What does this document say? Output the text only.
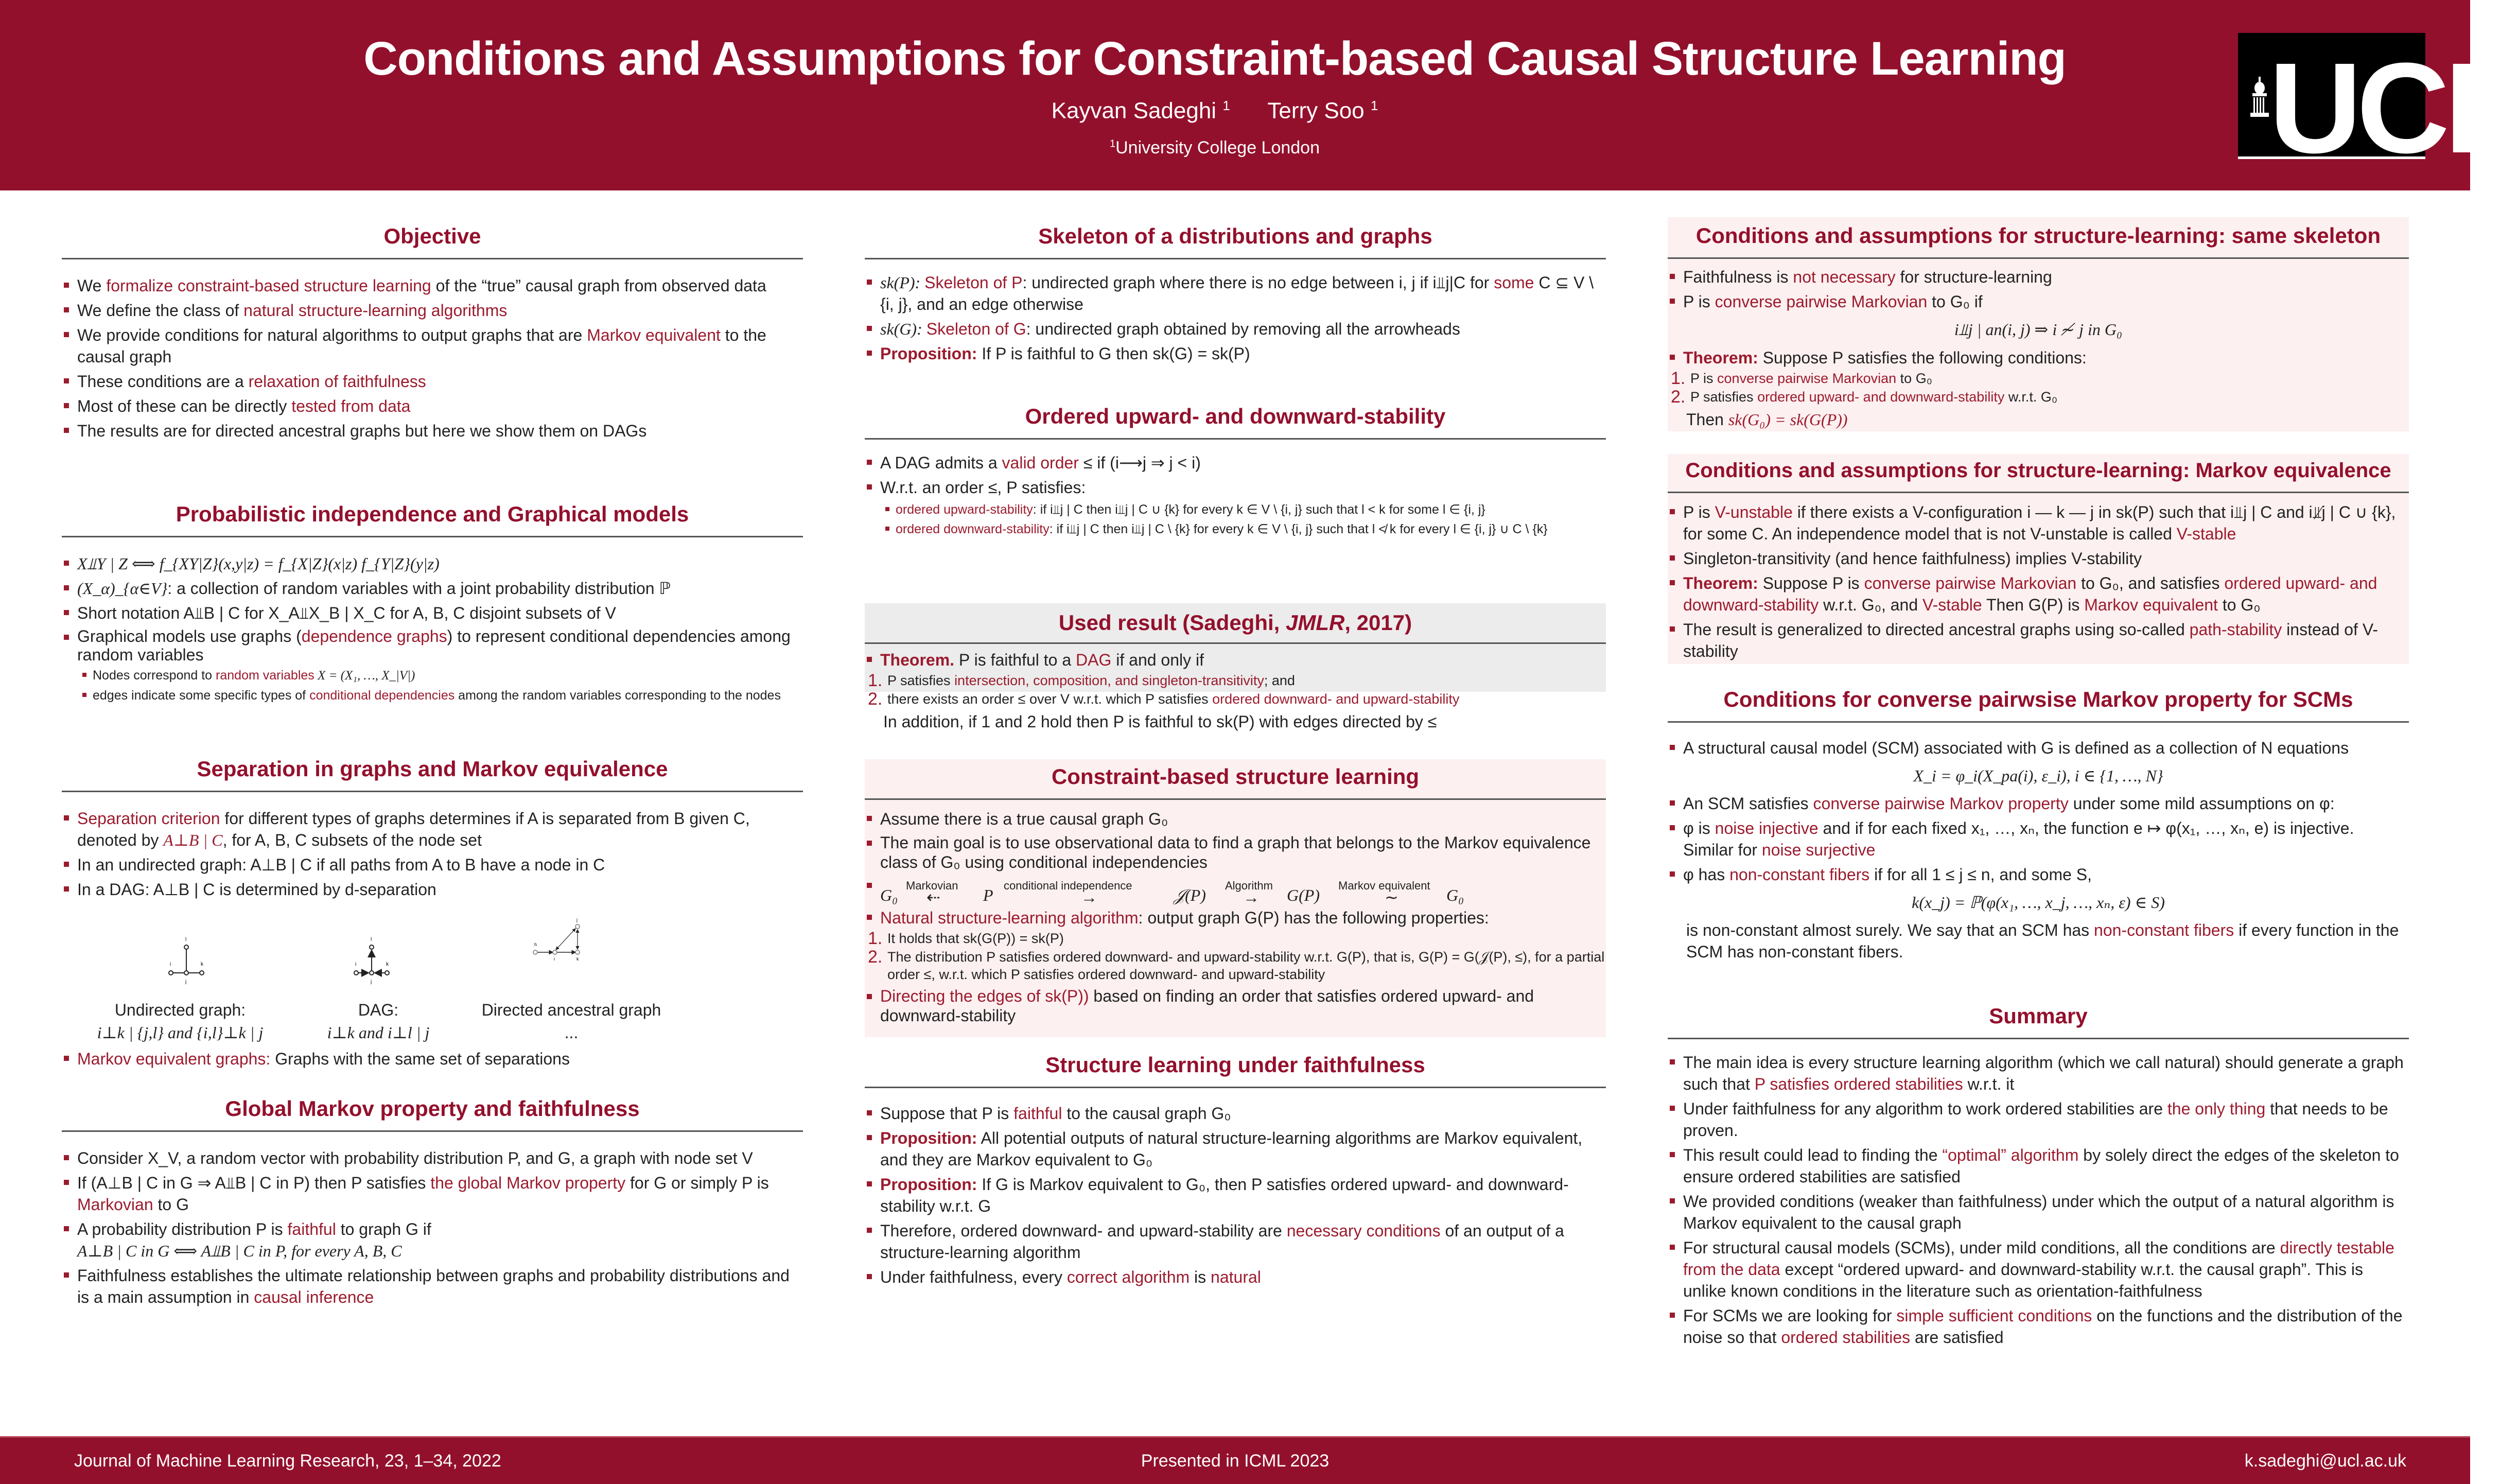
Conditions and Assumptions for Constraint-based Causal Structure Learning
Kayvan Sadeghi $^1$ Terry Soo $^1$
$^1$University College London	UCL
Objective
We formalize constraint-based structure learning of the “true” causal graph from observed data
We define the class of natural structure-learning algorithms
We provide conditions for natural algorithms to output graphs that are Markov equivalent to the causal graph
These conditions are a relaxation of faithfulness
Most of these can be directly tested from data
The results are for directed ancestral graphs but here we show them on DAGs
Probabilistic independence and Graphical models
X⫫Y | Z ⟺ f_{XY|Z}(x,y|z) = f_{X|Z}(x|z) f_{Y|Z}(y|z)
(X_α)_{α∈V}: a collection of random variables with a joint probability distribution ℙ
Short notation A⫫B | C for X_A⫫X_B | X_C for A, B, C disjoint subsets of V
Graphical models use graphs (dependence graphs) to represent conditional dependencies among random variables
Nodes correspond to random variables X = (X₁, …, X_|V|)
edges indicate some specific types of conditional dependencies among the random variables corresponding to the nodes
Separation in graphs and Markov equivalence
Separation criterion for different types of graphs determines if A is separated from B given C, denoted by A⊥B | C, for A, B, C subsets of the node set
In an undirected graph: A⊥B | C if all paths from A to B have a node in C
In a DAG: A⊥B | C is determined by d-separation
i
j
k
l
Undirected graph:
i⊥k | {j,l} and {i,l}⊥k | j
i
j
k
l
DAG:
i⊥k and i⊥l | j
h
i	k
j
Directed ancestral graph
...
Markov equivalent graphs: Graphs with the same set of separations
Global Markov property and faithfulness
Consider X_V, a random vector with probability distribution P, and G, a graph with node set V
If (A⊥B | C in G ⇒ A⫫B | C in P) then P satisfies the global Markov property for G or simply P is Markovian to G
A probability distribution P is faithful to graph G if
A⊥B | C in G ⟺ A⫫B | C in P, for every A, B, C
Faithfulness establishes the ultimate relationship between graphs and probability distributions and is a main assumption in causal inference
Skeleton of a distributions and graphs
sk(P): Skeleton of P: undirected graph where there is no edge between i, j if i⫫j|C for some C ⊆ V \ {i, j}, and an edge otherwise
sk(G): Skeleton of G: undirected graph obtained by removing all the arrowheads
Proposition: If P is faithful to G then sk(G) = sk(P)
Ordered upward- and downward-stability
A DAG admits a valid order ≤ if (i⟶j ⇒ j < i)
W.r.t. an order ≤, P satisfies:
ordered upward-stability: if i⫫j | C then i⫫j | C ∪ {k} for every k ∈ V \ {i, j} such that l < k for some l ∈ {i, j}
ordered downward-stability: if i⫫j | C then i⫫j | C \ {k} for every k ∈ V \ {i, j} such that l ≮ k for every l ∈ {i, j} ∪ C \ {k}
Used result (Sadeghi, JMLR, 2017)
Theorem. P is faithful to a DAG if and only if
1. P satisfies intersection, composition, and singleton-transitivity; and
2. there exists an order ≤ over V w.r.t. which P satisfies ordered downward- and upward-stability
In addition, if 1 and 2 hold then P is faithful to sk(P) with edges directed by ≤
Constraint-based structure learning
Assume there is a true causal graph G₀
The main goal is to use observational data to find a graph that belongs to the Markov equivalence class of G₀ using conditional independencies
G₀
Markovian
⇠	P
conditional independence
→	𝒥(P)
Algorithm
→ G(P)
Markov equivalent
∼	G₀
Natural structure-learning algorithm: output graph G(P) has the following properties:
1. It holds that sk(G(P)) = sk(P)
2. The distribution P satisfies ordered downward- and upward-stability w.r.t. G(P), that is, G(P) = G(𝒥(P), ≤), for a partial order ≤, w.r.t. which P satisfies ordered downward- and upward-stability
Directing the edges of sk(P)) based on finding an order that satisfies ordered upward- and downward-stability
Structure learning under faithfulness
Suppose that P is faithful to the causal graph G₀
Proposition: All potential outputs of natural structure-learning algorithms are Markov equivalent, and they are Markov equivalent to G₀
Proposition: If G is Markov equivalent to G₀, then P satisfies ordered upward- and downward-stability w.r.t. G
Therefore, ordered downward- and upward-stability are necessary conditions of an output of a structure-learning algorithm
Under faithfulness, every correct algorithm is natural
Conditions and assumptions for structure-learning: same skeleton
Faithfulness is not necessary for structure-learning
P is converse pairwise Markovian to G₀ if
i⫫j | an(i, j) ⇒ i ≁ j in G₀
Theorem: Suppose P satisfies the following conditions:
1. P is converse pairwise Markovian to G₀
2. P satisfies ordered upward- and downward-stability w.r.t. G₀
Then sk(G₀) = sk(G(P))
Conditions and assumptions for structure-learning: Markov equivalence
P is V-unstable if there exists a V-configuration i — k — j in sk(P) such that i⫫j | C and i⫫̸j | C ∪ {k}, for some C. An independence model that is not V-unstable is called V-stable
Singleton-transitivity (and hence faithfulness) implies V-stability
Theorem: Suppose P is converse pairwise Markovian to G₀, and satisfies ordered upward- and downward-stability w.r.t. G₀, and V-stable Then G(P) is Markov equivalent to G₀
The result is generalized to directed ancestral graphs using so-called path-stability instead of V-stability
Conditions for converse pairwsise Markov property for SCMs
A structural causal model (SCM) associated with G is defined as a collection of N equations
X_i = φ_i(X_pa(i), ε_i), i ∈ {1, …, N}
An SCM satisfies converse pairwise Markov property under some mild assumptions on φ:
φ is noise injective and if for each fixed x₁, …, xₙ, the function e ↦ φ(x₁, …, xₙ, e) is injective. Similar for noise surjective
φ has non-constant fibers if for all 1 ≤ j ≤ n, and some S,
k(x_j) = ℙ(φ(x₁, …, x_j, …, xₙ, ε) ∈ S)
is non-constant almost surely. We say that an SCM has non-constant fibers if every function in the SCM has non-constant fibers.
Summary
The main idea is every structure learning algorithm (which we call natural) should generate a graph such that P satisfies ordered stabilities w.r.t. it
Under faithfulness for any algorithm to work ordered stabilities are the only thing that needs to be proven.
This result could lead to finding the “optimal” algorithm by solely direct the edges of the skeleton to ensure ordered stabilities are satisfied
We provided conditions (weaker than faithfulness) under which the output of a natural algorithm is Markov equivalent to the causal graph
For structural causal models (SCMs), under mild conditions, all the conditions are directly testable from the data except “ordered upward- and downward-stability w.r.t. the causal graph”. This is unlike known conditions in the literature such as orientation-faithfulness
For SCMs we are looking for simple sufficient conditions on the functions and the distribution of the noise so that ordered stabilities are satisfied
Journal of Machine Learning Research, 23, 1–34, 2022	Presented in ICML 2023	k.sadeghi@ucl.ac.uk
